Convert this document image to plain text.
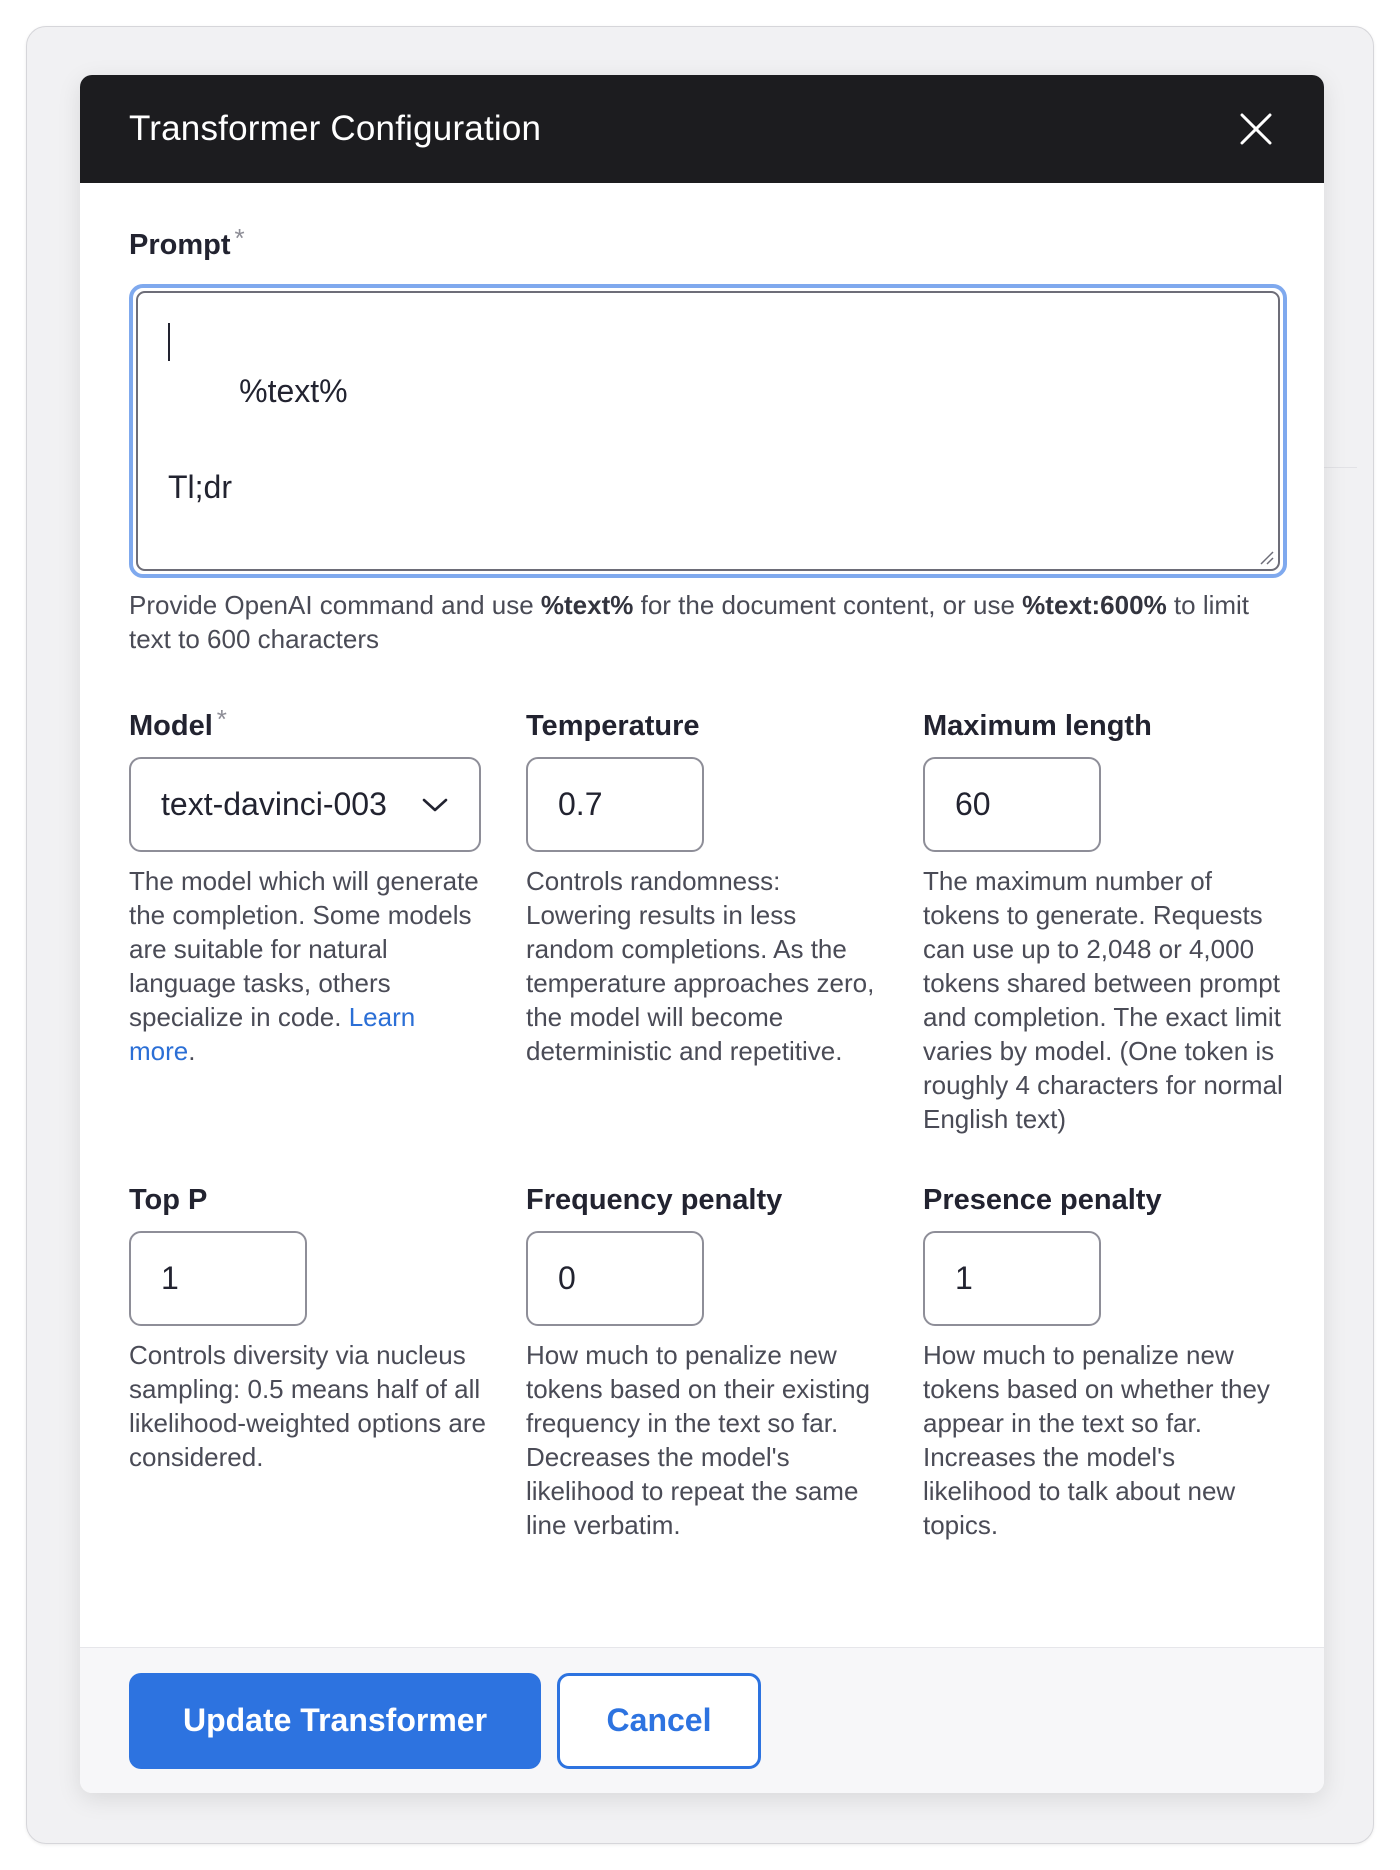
Transformer Configuration
Prompt *

%text%

Tl;dr

Provide OpenAI command and use %text% for the document content, or use %text:600% to limit text to 600 characters
Model *
text-davinci-003
The model which will generate the completion. Some models are suitable for natural language tasks, others specialize in code. Learn more.
Temperature
0.7
Controls randomness: Lowering results in less random completions. As the temperature approaches zero, the model will become deterministic and repetitive.
Maximum length
60
The maximum number of tokens to generate. Requests can use up to 2,048 or 4,000 tokens shared between prompt and completion. The exact limit varies by model. (One token is roughly 4 characters for normal English text)
Top P
1
Controls diversity via nucleus sampling: 0.5 means half of all likelihood-weighted options are considered.
Frequency penalty
0
How much to penalize new tokens based on their existing frequency in the text so far. Decreases the model's likelihood to repeat the same line verbatim.
Presence penalty
1
How much to penalize new tokens based on whether they appear in the text so far. Increases the model's likelihood to talk about new topics.
Update Transformer	Cancel
